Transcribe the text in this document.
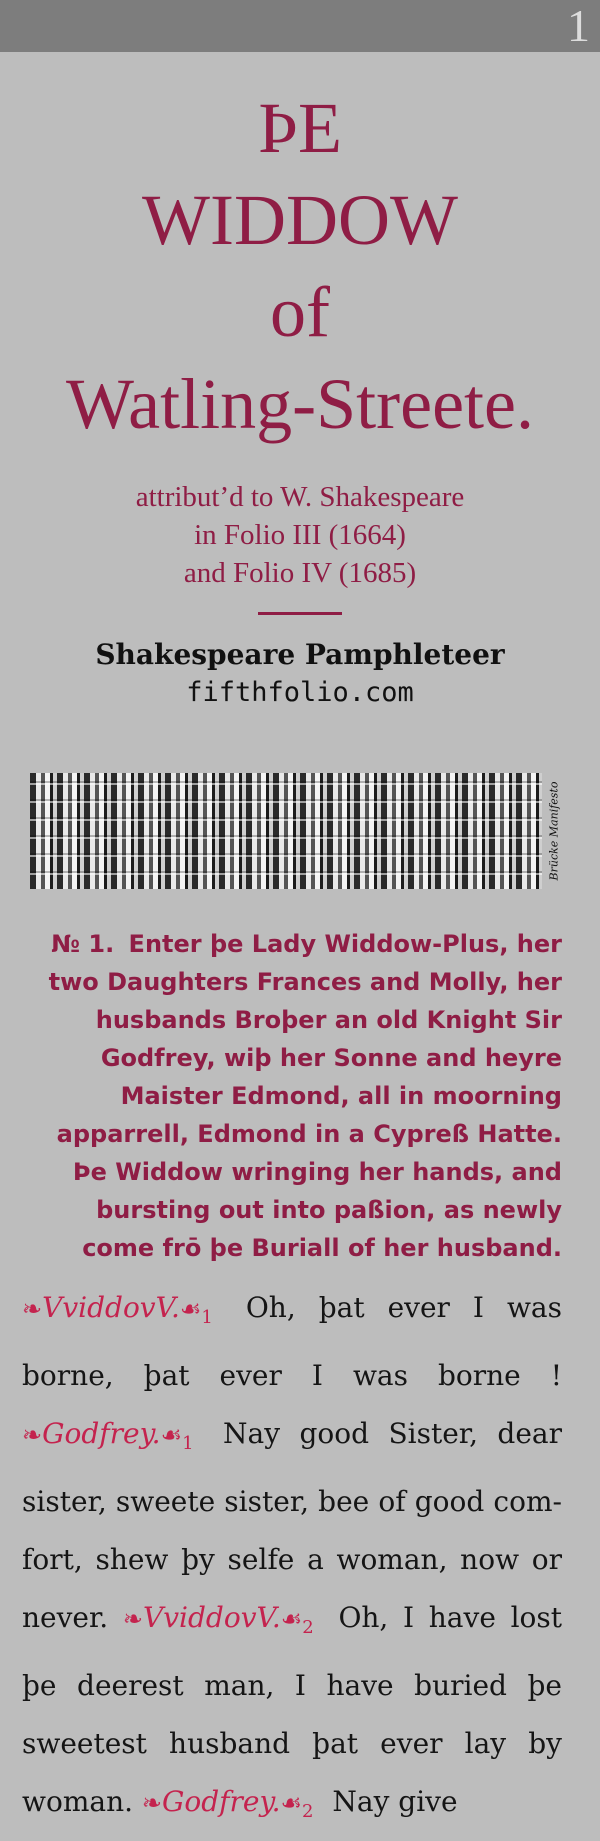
1
ÞE
WIDDOW
of
Watling-Streete.
attribut’d to W. Shakespeare
in Folio III (1664)
and Folio IV (1685)
Shakespeare Pamphleteer
fifthfolio.com
Brücke Manifesto
№ 1. Enter þe Lady Widdow-Plus, her two Daughters Frances and Molly, her husbands Broþer an old Knight Sir Godfrey, wiþ her Sonne and heyre Maister Edmond, all in moorning apparrell, Edmond in a Cypreß Hatte. Þe Widdow wringing her hands, and bursting out into paßion, as newly come frō þe Buriall of her husband.
$❧VviddovV.☙_1$ Oh, þat ever I was borne, þat ever I was borne ! $❧Godfrey.☙_1$ Nay good Sister, dear sister, sweete sister, bee of good com-fort, shew þy selfe a woman, now or never. $❧VviddovV.☙_2$ Oh, I have lost þe deerest man, I have buried þe sweetest husband þat ever lay by woman. $❧Godfrey.☙_2$ Nay give
